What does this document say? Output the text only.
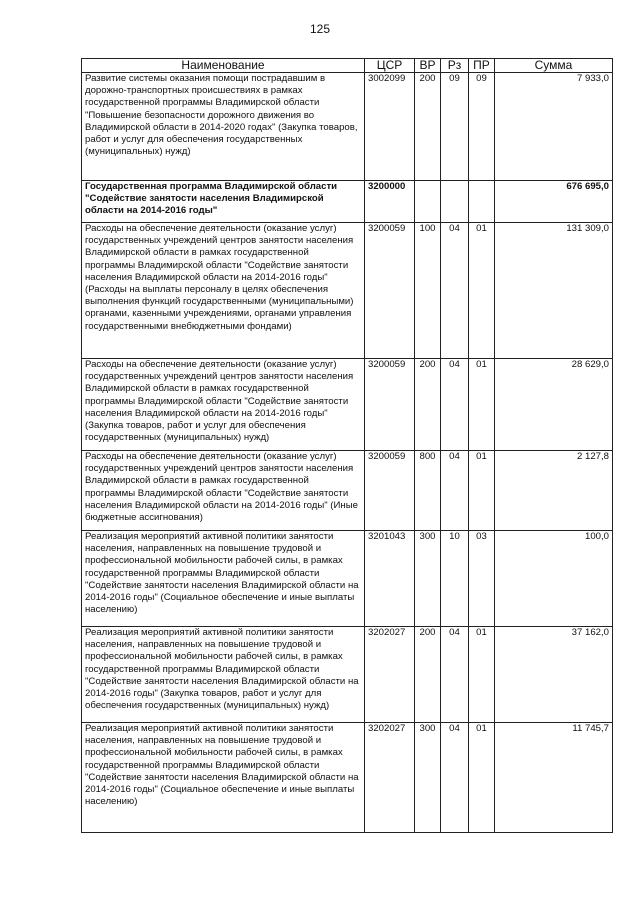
125
Наименование	ЦСР	ВР	Рз	ПР	Сумма
Развитие системы оказания помощи пострадавшим в дорожно-транспортных происшествиях в рамках государственной программы Владимирской области "Повышение безопасности дорожного движения во Владимирской области в 2014-2020 годах" (Закупка товаров, работ и услуг для обеспечения государственных (муниципальных) нужд)	3002099	200	09	09	7 933,0
Государственная программа Владимирской области "Содействие занятости населения Владимирской области на 2014-2016 годы"	3200000				676 695,0
Расходы на обеспечение деятельности (оказание услуг) государственных учреждений центров занятости населения Владимирской области в рамках государственной программы Владимирской области "Содействие занятости населения Владимирской области на 2014-2016 годы" (Расходы на выплаты персоналу в целях обеспечения выполнения функций государственными (муниципальными) органами, казенными учреждениями, органами управления государственными внебюджетными фондами)	3200059	100	04	01	131 309,0
Расходы на обеспечение деятельности (оказание услуг) государственных учреждений центров занятости населения Владимирской области в рамках государственной программы Владимирской области "Содействие занятости населения Владимирской области на 2014-2016 годы" (Закупка товаров, работ и услуг для обеспечения государственных (муниципальных) нужд)	3200059	200	04	01	28 629,0
Расходы на обеспечение деятельности (оказание услуг) государственных учреждений центров занятости населения Владимирской области в рамках государственной программы Владимирской области "Содействие занятости населения Владимирской области на 2014-2016 годы" (Иные бюджетные ассигнования)	3200059	800	04	01	2 127,8
Реализация мероприятий активной политики занятости населения, направленных на повышение трудовой и профессиональной мобильности рабочей силы, в рамках государственной программы Владимирской области "Содействие занятости населения Владимирской области на 2014-2016 годы" (Социальное обеспечение и иные выплаты населению)	3201043	300	10	03	100,0
Реализация мероприятий активной политики занятости населения, направленных на повышение трудовой и профессиональной мобильности рабочей силы, в рамках государственной программы Владимирской области "Содействие занятости населения Владимирской области на 2014-2016 годы" (Закупка товаров, работ и услуг для обеспечения государственных (муниципальных) нужд)	3202027	200	04	01	37 162,0
Реализация мероприятий активной политики занятости населения, направленных на повышение трудовой и профессиональной мобильности рабочей силы, в рамках государственной программы Владимирской области "Содействие занятости населения Владимирской области на 2014-2016 годы" (Социальное обеспечение и иные выплаты населению)	3202027	300	04	01	11 745,7
